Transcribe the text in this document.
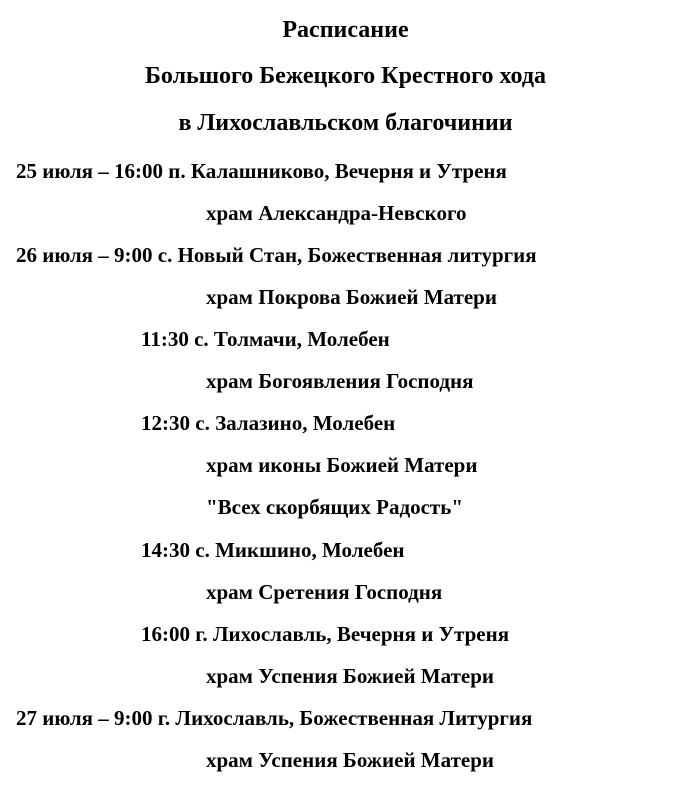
Расписание
Большого Бежецкого Крестного хода
в Лихославльском благочинии
25 июля – 16:00 п. Калашниково, Вечерня и Утреня
храм Александра-Невского
26 июля – 9:00 с. Новый Стан, Божественная литургия
храм Покрова Божией Матери
11:30 с. Толмачи, Молебен
храм Богоявления Господня
12:30 с. Залазино, Молебен
храм иконы Божией Матери
"Всех скорбящих Радость"
14:30 с. Микшино, Молебен
храм Сретения Господня
16:00 г. Лихославль, Вечерня и Утреня
храм Успения Божией Матери
27 июля – 9:00 г. Лихославль, Божественная Литургия
храм Успения Божией Матери
